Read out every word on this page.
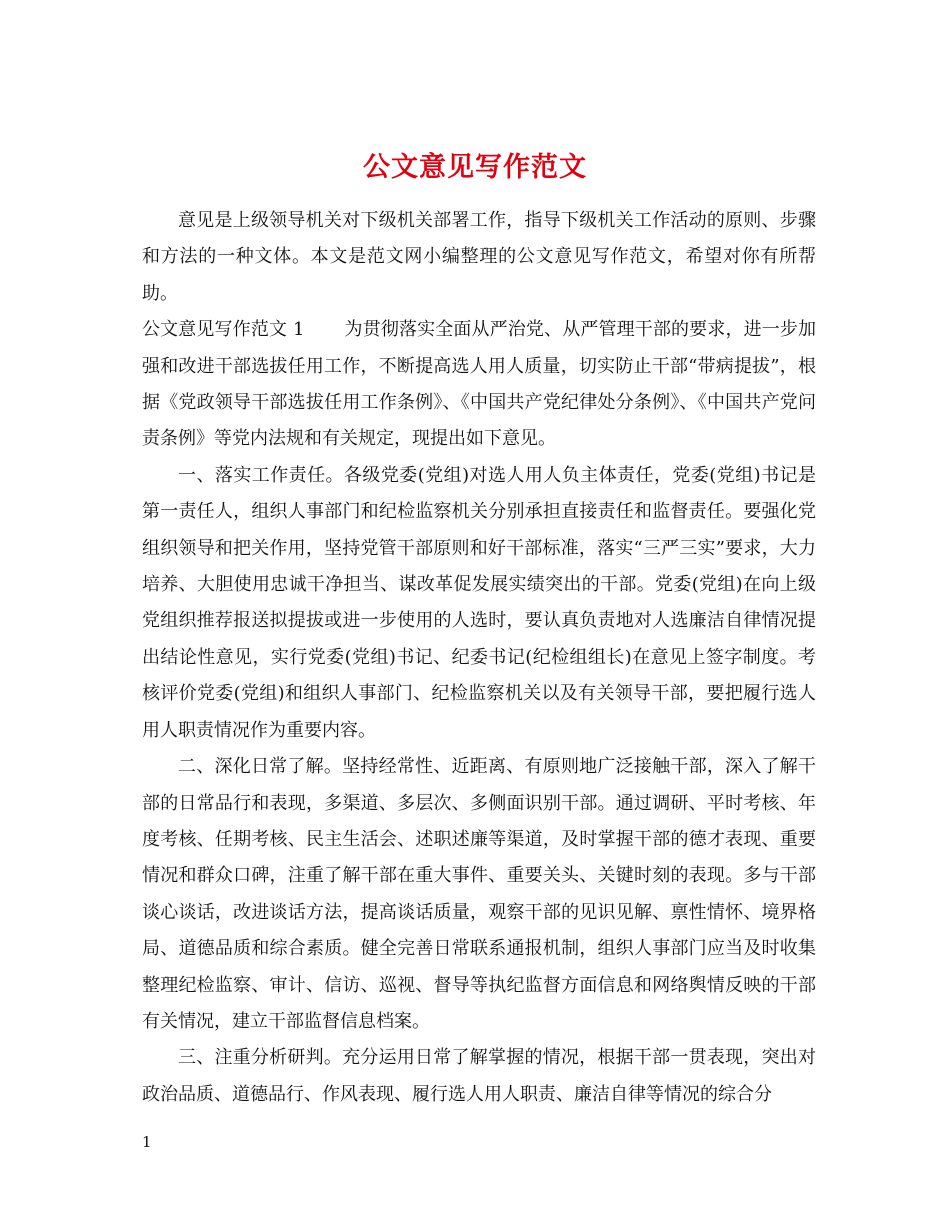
公文意见写作范文

意见是上级领导机关对下级机关部署工作，指导下级机关工作活动的原则、步骤和方法的一种文体。本文是范文网小编整理的公文意见写作范文，希望对你有所帮助。

公文意见写作范文 1 为贯彻落实全面从严治党、从严管理干部的要求，进一步加强和改进干部选拔任用工作，不断提高选人用人质量，切实防止干部“带病提拔”，根据《党政领导干部选拔任用工作条例》、《中国共产党纪律处分条例》、《中国共产党问责条例》等党内法规和有关规定，现提出如下意见。

一、落实工作责任。各级党委(党组)对选人用人负主体责任，党委(党组)书记是第一责任人，组织人事部门和纪检监察机关分别承担直接责任和监督责任。要强化党组织领导和把关作用，坚持党管干部原则和好干部标准，落实“三严三实”要求，大力培养、大胆使用忠诚干净担当、谋改革促发展实绩突出的干部。党委(党组)在向上级党组织推荐报送拟提拔或进一步使用的人选时，要认真负责地对人选廉洁自律情况提出结论性意见，实行党委(党组)书记、纪委书记(纪检组组长)在意见上签字制度。考核评价党委(党组)和组织人事部门、纪检监察机关以及有关领导干部，要把履行选人用人职责情况作为重要内容。

二、深化日常了解。坚持经常性、近距离、有原则地广泛接触干部，深入了解干部的日常品行和表现，多渠道、多层次、多侧面识别干部。通过调研、平时考核、年度考核、任期考核、民主生活会、述职述廉等渠道，及时掌握干部的德才表现、重要情况和群众口碑，注重了解干部在重大事件、重要关头、关键时刻的表现。多与干部谈心谈话，改进谈话方法，提高谈话质量，观察干部的见识见解、禀性情怀、境界格局、道德品质和综合素质。健全完善日常联系通报机制，组织人事部门应当及时收集整理纪检监察、审计、信访、巡视、督导等执纪监督方面信息和网络舆情反映的干部有关情况，建立干部监督信息档案。

三、注重分析研判。充分运用日常了解掌握的情况，根据干部一贯表现，突出对政治品质、道德品行、作风表现、履行选人用人职责、廉洁自律等情况的综合分

1
